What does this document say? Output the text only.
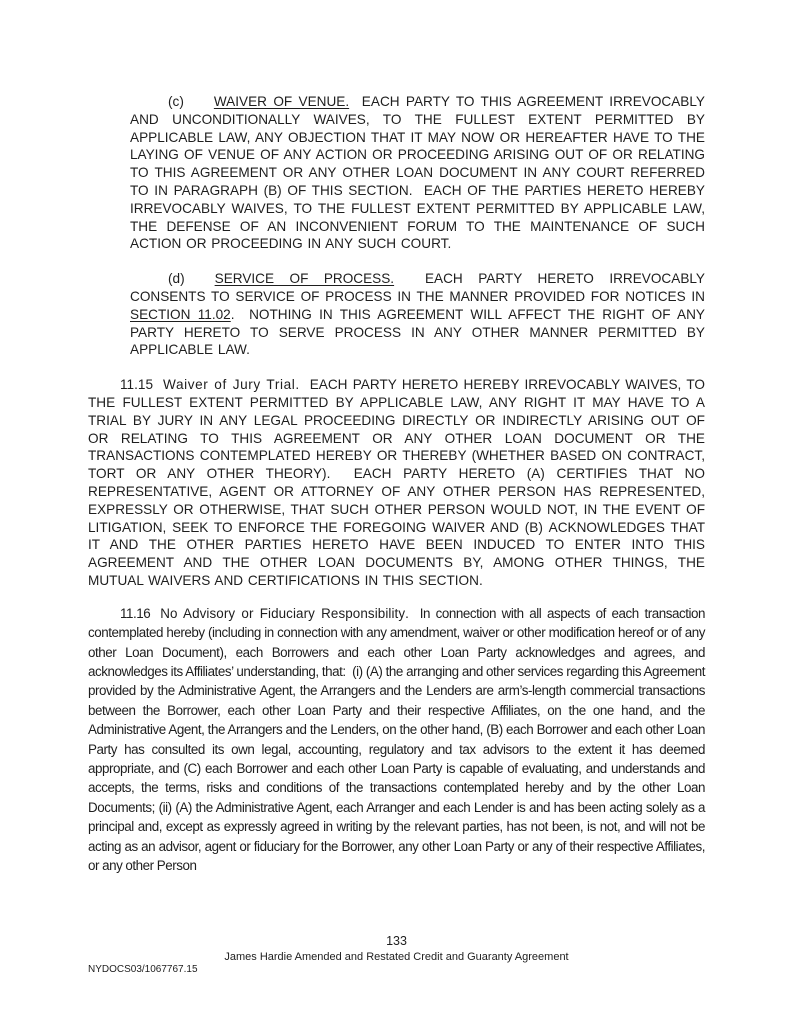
(c) WAIVER OF VENUE.  EACH PARTY TO THIS AGREEMENT IRREVOCABLY AND UNCONDITIONALLY WAIVES, TO THE FULLEST EXTENT PERMITTED BY APPLICABLE LAW, ANY OBJECTION THAT IT MAY NOW OR HEREAFTER HAVE TO THE LAYING OF VENUE OF ANY ACTION OR PROCEEDING ARISING OUT OF OR RELATING TO THIS AGREEMENT OR ANY OTHER LOAN DOCUMENT IN ANY COURT REFERRED TO IN PARAGRAPH (B) OF THIS SECTION.  EACH OF THE PARTIES HERETO HEREBY IRREVOCABLY WAIVES, TO THE FULLEST EXTENT PERMITTED BY APPLICABLE LAW, THE DEFENSE OF AN INCONVENIENT FORUM TO THE MAINTENANCE OF SUCH ACTION OR PROCEEDING IN ANY SUCH COURT.

(d) SERVICE OF PROCESS.  EACH PARTY HERETO IRREVOCABLY CONSENTS TO SERVICE OF PROCESS IN THE MANNER PROVIDED FOR NOTICES IN SECTION 11.02.  NOTHING IN THIS AGREEMENT WILL AFFECT THE RIGHT OF ANY PARTY HERETO TO SERVE PROCESS IN ANY OTHER MANNER PERMITTED BY APPLICABLE LAW.

11.15 Waiver of Jury Trial.  EACH PARTY HERETO HEREBY IRREVOCABLY WAIVES, TO THE FULLEST EXTENT PERMITTED BY APPLICABLE LAW, ANY RIGHT IT MAY HAVE TO A TRIAL BY JURY IN ANY LEGAL PROCEEDING DIRECTLY OR INDIRECTLY ARISING OUT OF OR RELATING TO THIS AGREEMENT OR ANY OTHER LOAN DOCUMENT OR THE TRANSACTIONS CONTEMPLATED HEREBY OR THEREBY (WHETHER BASED ON CONTRACT, TORT OR ANY OTHER THEORY).  EACH PARTY HERETO (A) CERTIFIES THAT NO REPRESENTATIVE, AGENT OR ATTORNEY OF ANY OTHER PERSON HAS REPRESENTED, EXPRESSLY OR OTHERWISE, THAT SUCH OTHER PERSON WOULD NOT, IN THE EVENT OF LITIGATION, SEEK TO ENFORCE THE FOREGOING WAIVER AND (B) ACKNOWLEDGES THAT IT AND THE OTHER PARTIES HERETO HAVE BEEN INDUCED TO ENTER INTO THIS AGREEMENT AND THE OTHER LOAN DOCUMENTS BY, AMONG OTHER THINGS, THE MUTUAL WAIVERS AND CERTIFICATIONS IN THIS SECTION.

11.16 No Advisory or Fiduciary Responsibility.  In connection with all aspects of each transaction contemplated hereby (including in connection with any amendment, waiver or other modification hereof or of any other Loan Document), each Borrowers and each other Loan Party acknowledges and agrees, and acknowledges its Affiliates’ understanding, that:  (i) (A) the arranging and other services regarding this Agreement provided by the Administrative Agent, the Arrangers and the Lenders are arm’s-length commercial transactions between the Borrower, each other Loan Party and their respective Affiliates, on the one hand, and the Administrative Agent, the Arrangers and the Lenders, on the other hand, (B) each Borrower and each other Loan Party has consulted its own legal, accounting, regulatory and tax advisors to the extent it has deemed appropriate, and (C) each Borrower and each other Loan Party is capable of evaluating, and understands and accepts, the terms, risks and conditions of the transactions contemplated hereby and by the other Loan Documents; (ii) (A) the Administrative Agent, each Arranger and each Lender is and has been acting solely as a principal and, except as expressly agreed in writing by the relevant parties, has not been, is not, and will not be acting as an advisor, agent or fiduciary for the Borrower, any other Loan Party or any of their respective Affiliates, or any other Person

133
James Hardie Amended and Restated Credit and Guaranty Agreement
NYDOCS03/1067767.15
